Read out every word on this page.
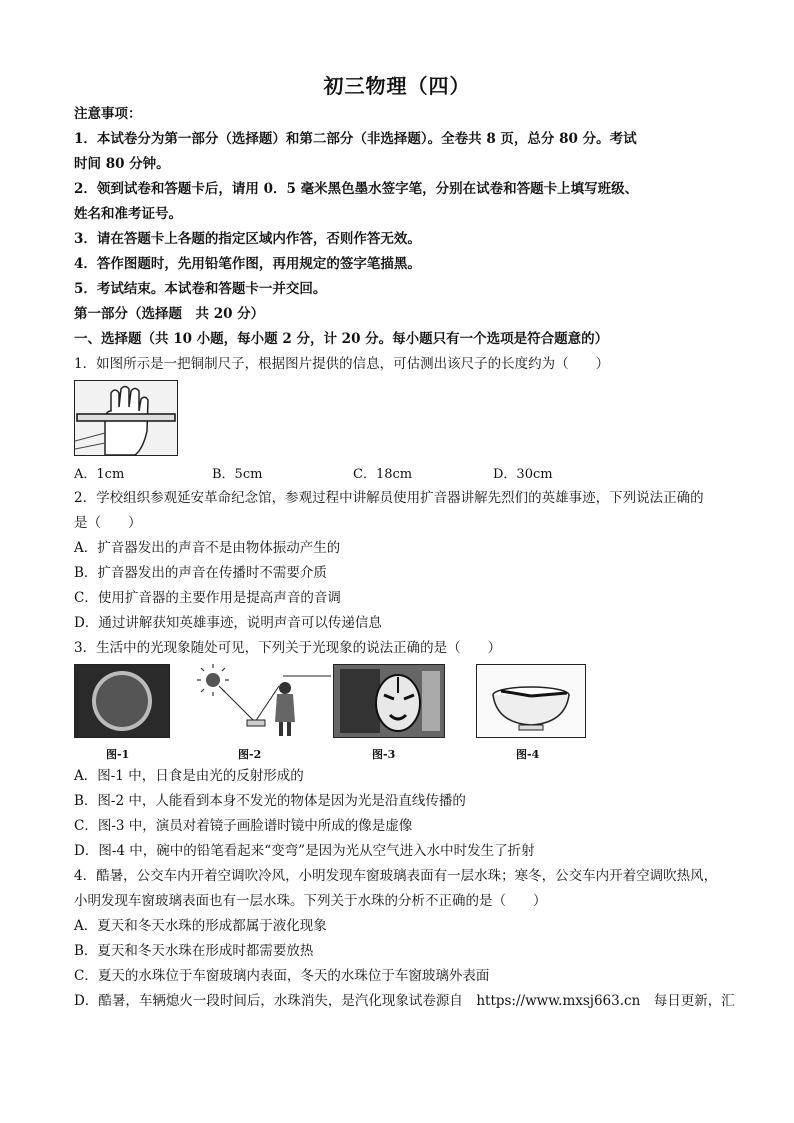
初三物理（四）
注意事项：
1．本试卷分为第一部分（选择题）和第二部分（非选择题）。全卷共 8 页，总分 80 分。考试
时间 80 分钟。
2．领到试卷和答题卡后，请用 0．5 毫米黑色墨水签字笔，分别在试卷和答题卡上填写班级、
姓名和准考证号。
3．请在答题卡上各题的指定区域内作答，否则作答无效。
4．答作图题时，先用铅笔作图，再用规定的签字笔描黑。
5．考试结束。本试卷和答题卡一并交回。
第一部分（选择题　共 20 分）
一、选择题（共 10 小题，每小题 2 分，计 20 分。每小题只有一个选项是符合题意的）
1．如图所示是一把铜制尺子，根据图片提供的信息，可估测出该尺子的长度约为（　　）
A．1cm	B．5cm	C．18cm	D．30cm
2．学校组织参观延安革命纪念馆，参观过程中讲解员使用扩音器讲解先烈们的英雄事迹，下列说法正确的
是（　　）
A．扩音器发出的声音不是由物体振动产生的
B．扩音器发出的声音在传播时不需要介质
C．使用扩音器的主要作用是提高声音的音调
D．通过讲解获知英雄事迹，说明声音可以传递信息
3．生活中的光现象随处可见，下列关于光现象的说法正确的是（　　）
图-1	图-2	图-3	图-4
A．图-1 中，日食是由光的反射形成的
B．图-2 中，人能看到本身不发光的物体是因为光是沿直线传播的
C．图-3 中，演员对着镜子画脸谱时镜中所成的像是虚像
D．图-4 中，碗中的铅笔看起来“变弯”是因为光从空气进入水中时发生了折射
4．酷暑，公交车内开着空调吹冷风，小明发现车窗玻璃表面有一层水珠；寒冬，公交车内开着空调吹热风，
小明发现车窗玻璃表面也有一层水珠。下列关于水珠的分析不正确的是（　　）
A．夏天和冬天水珠的形成都属于液化现象
B．夏天和冬天水珠在形成时都需要放热
C．夏天的水珠位于车窗玻璃内表面，冬天的水珠位于车窗玻璃外表面
D．酷暑，车辆熄火一段时间后，水珠消失，是汽化现象试卷源自　https://www.mxsj663.cn　每日更新，汇
